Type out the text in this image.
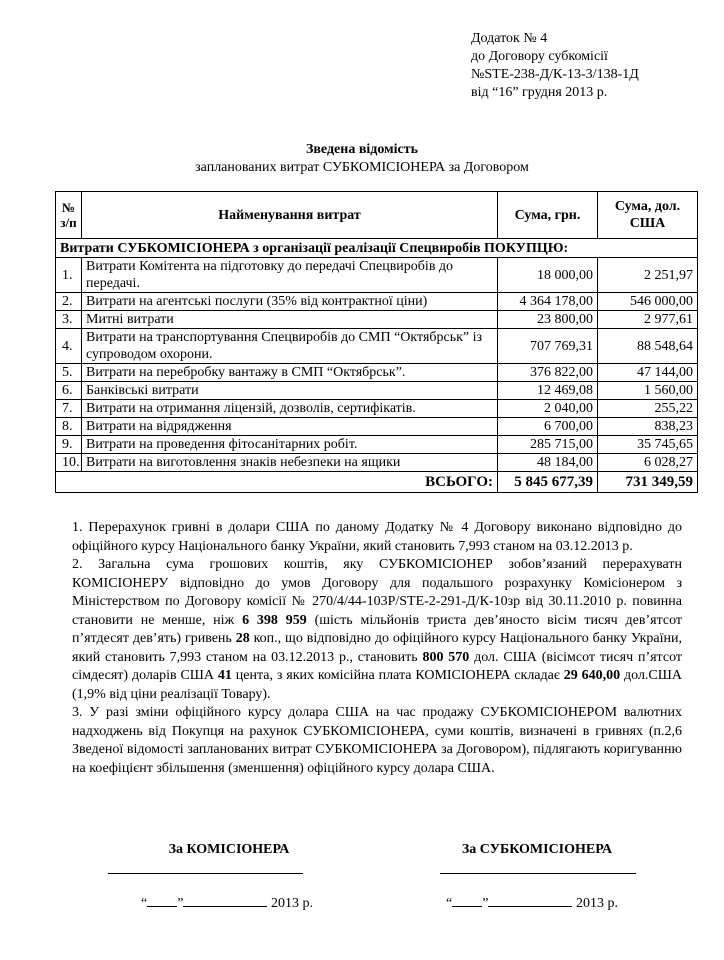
Додаток № 4
до Договору субкомісії
№STE-238-Д/К-13-3/138-1Д
від “16” грудня 2013 р.
Зведена відомість
запланованих витрат СУБКОМІСІОНЕРА за Договором
№ з/п	Найменування витрат	Сума, грн.	Сума, дол. США
Витрати СУБКОМІСІОНЕРА з організації реалізації Спецвиробів ПОКУПЦЮ:			
1.	Витрати Комітента на підготовку до передачі Спецвиробів до передачі.	18 000,00	2 251,97
2.	Витрати на агентські послуги (35% від контрактної ціни)	4 364 178,00	546 000,00
3.	Митні витрати	23 800,00	2 977,61
4.	Витрати на транспортування Спецвиробів до СМП “Октябрськ” із супроводом охорони.	707 769,31	88 548,64
5.	Витрати на перебробку вантажу в СМП “Октябрськ”.	376 822,00	47 144,00
6.	Банківські витрати	12 469,08	1 560,00
7.	Витрати на отримання ліцензій, дозволів, сертифікатів.	2 040,00	255,22
8.	Витрати на відрядження	6 700,00	838,23
9.	Витрати на проведення фітосанітарних робіт.	285 715,00	35 745,65
10.	Витрати на виготовлення знаків небезпеки на ящики	48 184,00	6 028,27
ВСЬОГО:		5 845 677,39	731 349,59

1. Перерахунок гривні в долари США по даному Додатку № 4 Договору виконано відповідно до офіційного курсу Національного банку України, який становить 7,993 станом на 03.12.2013 р.

2. Загальна сума грошових коштів, яку СУБКОМІСІОНЕР зобов’язаний перерахуватн КОМІСІОНЕРУ відповідно до умов Договору для подальшого розрахунку Комісіонером з Міністерством по Договору комісії № 270/4/44-103Р/STE-2-291-Д/К-10зр від 30.11.2010 р. повинна становити не менше, ніж 6 398 959 (шість мільйонів триста дев’яносто вісім тисяч дев’ятсот п’ятдесят дев’ять) гривень 28 коп., що відповідно до офіційного курсу Національного банку України, який становить 7,993 станом на 03.12.2013 р., становить 800 570 дол. США (вісімсот тисяч п’ятсот сімдесят) доларів США 41 цента, з яких комісійна плата КОМІСІОНЕРА складає 29 640,00 дол.США (1,9% від ціни реалізації Товару).

3. У разі зміни офіційного курсу долара США на час продажу СУБКОМІСІОНЕРОМ валютних надходжень від Покупця на рахунок СУБКОМІСІОНЕРА, суми коштів, визначені в гривнях (п.2,6 Зведеної відомості запланованих витрат СУБКОМІСІОНЕРА за Договором), підлягають коригуванню на коефіцієнт збільшення (зменшення) офіційного курсу долара США.

За КОМІСІОНЕРА	За СУБКОМІСІОНЕРА
“ ”	2013 р.	“ ”	2013 р.
